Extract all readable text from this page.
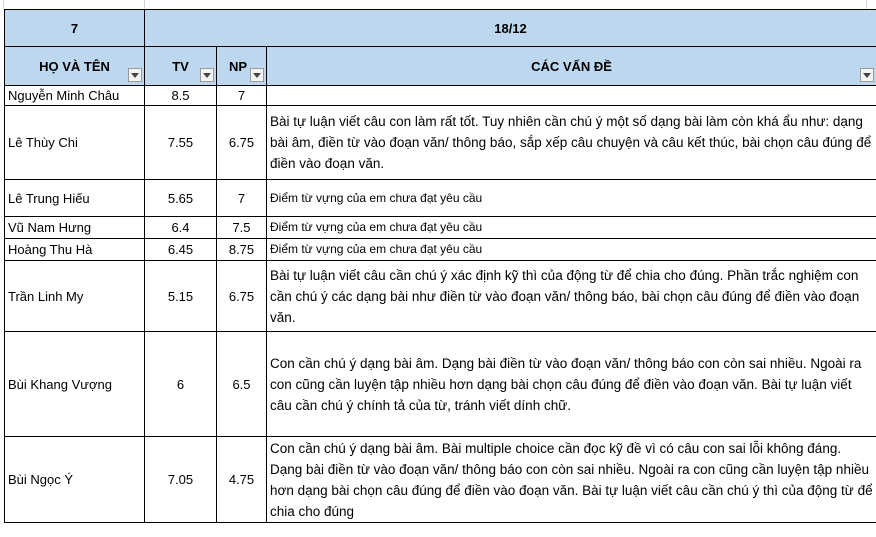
7	18/12		
HỌ VÀ TÊN	TV	NP	CÁC VẤN ĐỀ

Nguyễn Minh Châu	8.5	7	
Lê Thùy Chi	7.55	6.75	Bài tự luận viết câu con làm rất tốt. Tuy nhiên cần chú ý một số dạng bài làm còn khá ẩu như: dạng bài âm, điền từ vào đoạn văn/ thông báo, sắp xếp câu chuyện và câu kết thúc, bài chọn câu đúng để điền vào đoạn văn.
Lê Trung Hiếu	5.65	7	Điểm từ vựng của em chưa đạt yêu cầu
Vũ Nam Hưng	6.4	7.5	Điểm từ vựng của em chưa đạt yêu cầu
Hoàng Thu Hà	6.45	8.75	Điểm từ vựng của em chưa đạt yêu cầu
Trần Linh My	5.15	6.75	Bài tự luận viết câu cần chú ý xác định kỹ thì của động từ để chia cho đúng. Phần trắc nghiệm con cần chú ý các dạng bài như điền từ vào đoạn văn/ thông báo, bài chọn câu đúng để điền vào đoạn văn.
Bùi Khang Vượng	6	6.5	Con cần chú ý dạng bài âm. Dạng bài điền từ vào đoạn văn/ thông báo con còn sai nhiều. Ngoài ra con cũng cần luyện tập nhiều hơn dạng bài chọn câu đúng để điền vào đoạn văn. Bài tự luận viết câu cần chú ý chính tả của từ, tránh viết dính chữ.
Bùi Ngọc Ý	7.05	4.75	Con cần chú ý dạng bài âm. Bài multiple choice cần đọc kỹ đề vì có câu con sai lỗi không đáng. Dạng bài điền từ vào đoạn văn/ thông báo con còn sai nhiều. Ngoài ra con cũng cần luyện tập nhiều hơn dạng bài chọn câu đúng để điền vào đoạn văn. Bài tự luận viết câu cần chú ý thì của động từ để chia cho đúng
